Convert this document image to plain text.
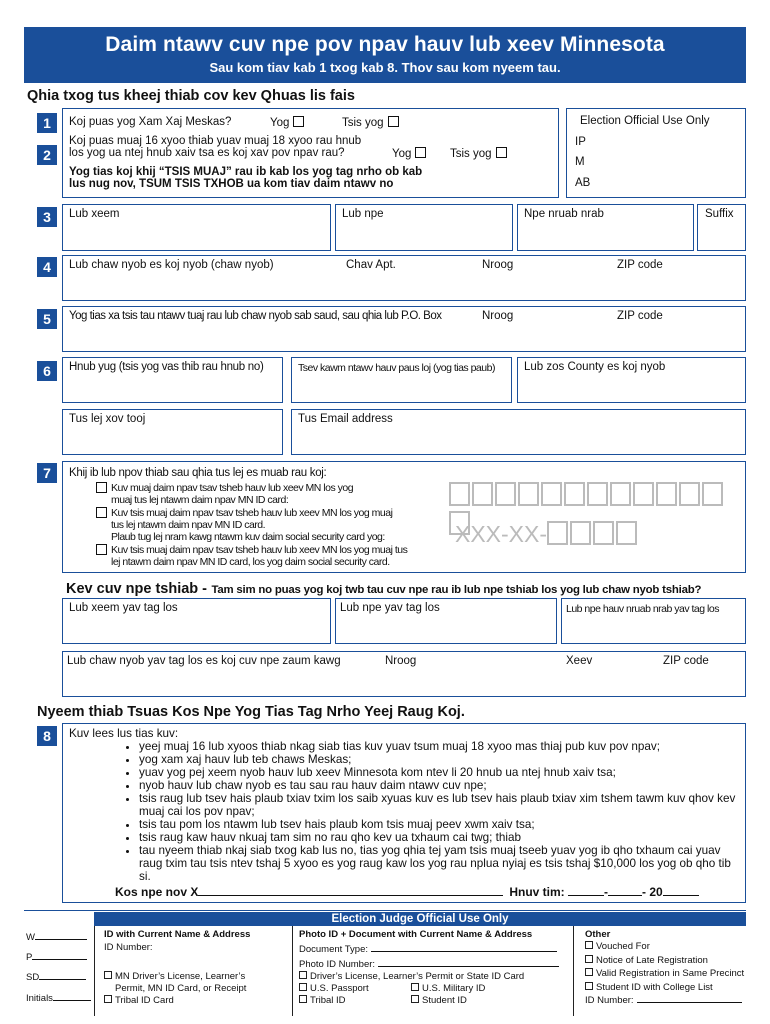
Daim ntawv cuv npe pov npav hauv lub xeev Minnesota
Sau kom tiav kab 1 txog kab 8. Thov sau kom nyeem tau.
Qhia txog tus kheej thiab cov kev Qhuas lis fais
1
2
Koj puas yog Xam Xaj Meskas?	Yog	Tsis yog
Koj puas muaj 16 xyoo thiab yuav muaj 18 xyoo rau hnub
los yog ua ntej hnub xaiv tsa es koj xav pov npav rau?	Yog	Tsis yog
Yog tias koj khij “TSIS MUAJ” rau ib kab los yog tag nrho ob kab
lus nug nov, TSUM TSIS TXHOB ua kom tiav daim ntawv no
Election Official Use Only
IP
M
AB
3	Lub xeem	Lub npe	Npe nruab nrab	Suffix
4	Lub chaw nyob es koj nyob (chaw nyob)	Chav Apt.	Nroog	ZIP code
5	Yog tias xa tsis tau ntawv tuaj rau lub chaw nyob sab saud, sau qhia lub P.O. Box	Nroog	ZIP code
6	Hnub yug (tsis yog vas thib rau hnub no)	Tsev kawm ntawv hauv paus loj (yog tias paub)	Lub zos County es koj nyob
Tus lej xov tooj	Tus Email address
7	Khij ib lub npov thiab sau qhia tus lej es muab rau koj:
Kuv muaj daim npav tsav tsheb hauv lub xeev MN los yog
muaj tus lej ntawm daim npav MN ID card:
Kuv tsis muaj daim npav tsav tsheb hauv lub xeev MN los yog muaj
tus lej ntawm daim npav MN ID card.
Plaub tug lej nram kawg ntawm kuv daim social security card yog:
Kuv tsis muaj daim npav tsav tsheb hauv lub xeev MN los yog muaj tus
lej ntawm daim npav MN ID card, los yog daim social security card.
XXX-XX-
Kev cuv npe tshiab - Tam sim no puas yog koj twb tau cuv npe rau ib lub npe tshiab los yog lub chaw nyob tshiab?
Lub xeem yav tag los	Lub npe yav tag los	Lub npe hauv nruab nrab yav tag los
Lub chaw nyob yav tag los es koj cuv npe zaum kawg	Nroog	Xeev	ZIP code
Nyeem thiab Tsuas Kos Npe Yog Tias Tag Nrho Yeej Raug Koj.
8	Kuv lees lus tias kuv:
• yeej muaj 16 lub xyoos thiab nkag siab tias kuv yuav tsum muaj 18 xyoo mas thiaj pub kuv pov npav;
• yog xam xaj hauv lub teb chaws Meskas;
• yuav yog pej xeem nyob hauv lub xeev Minnesota kom ntev li 20 hnub ua ntej hnub xaiv tsa;
• nyob hauv lub chaw nyob es tau sau rau hauv daim ntawv cuv npe;
• tsis raug lub tsev hais plaub txiav txim los saib xyuas kuv es lub tsev hais plaub txiav xim tshem tawm kuv qhov kev muaj cai los pov npav;
• tsis tau pom los ntawm lub tsev hais plaub kom tsis muaj peev xwm xaiv tsa;
• tsis raug kaw hauv nkuaj tam sim no rau qho kev ua txhaum cai twg; thiab
• tau nyeem thiab nkaj siab txog kab lus no, tias yog qhia tej yam tsis muaj tseeb yuav yog ib qho txhaum cai yuav raug txim tau tsis ntev tshaj 5 xyoo es yog raug kaw los yog rau nplua nyiaj es tsis tshaj $10,000 los yog ob qho tib si.
Kos npe nov X	Hnuv tim:	-	- 20
Election Judge Official Use Only
W
P
SD
Initials
ID with Current Name & Address
ID Number:
MN Driver’s License, Learner’s
Permit, MN ID Card, or Receipt
Tribal ID Card
Photo ID + Document with Current Name & Address
Document Type:
Photo ID Number:
Driver’s License, Learner’s Permit or State ID Card
U.S. Passport	U.S. Military ID
Tribal ID	Student ID
Other
Vouched For
Notice of Late Registration
Valid Registration in Same Precinct
Student ID with College List
ID Number:
